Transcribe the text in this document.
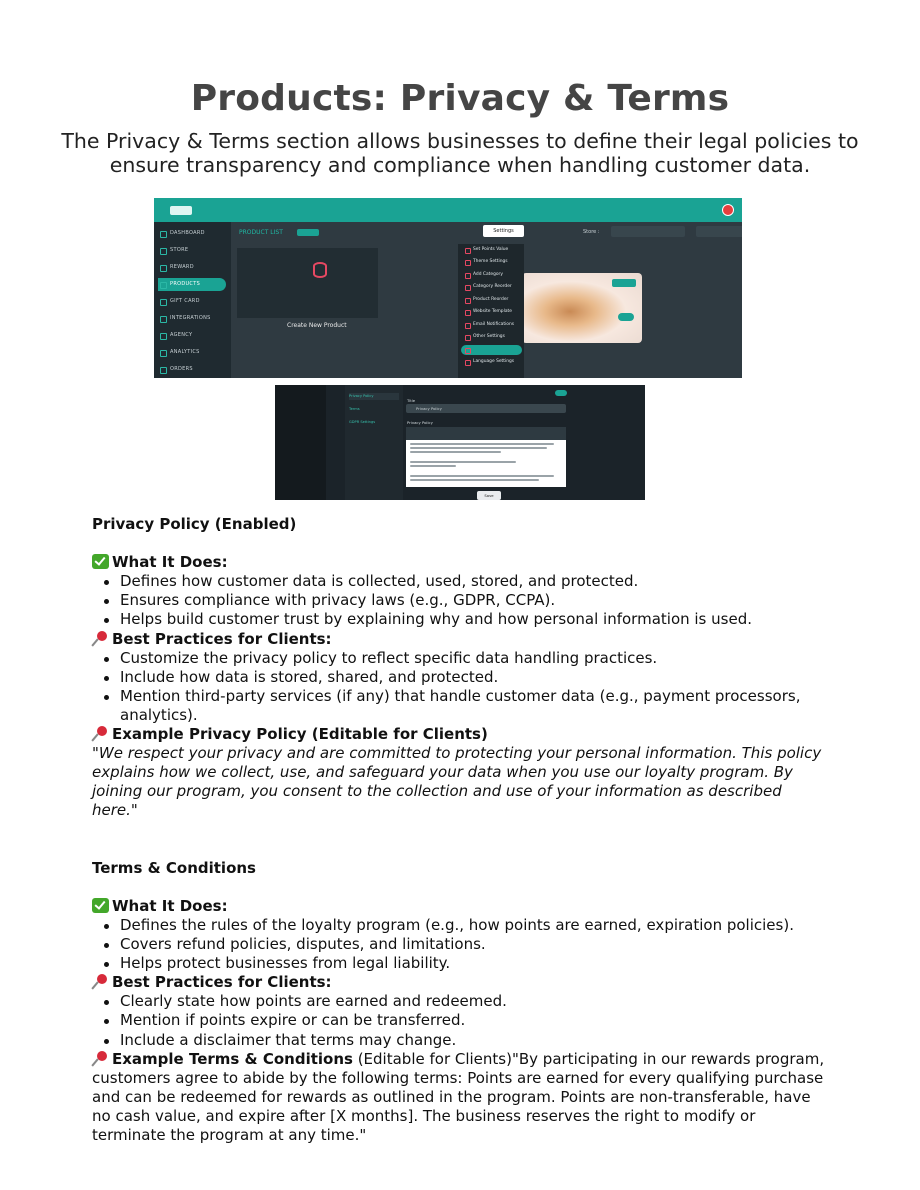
Products: Privacy & Terms

The Privacy & Terms section allows businesses to define their legal policies to ensure transparency and compliance when handling customer data.

DASHBOARD
STORE
REWARD
PRODUCTS
GIFT CARD
INTEGRATIONS
AGENCY
ANALYTICS
ORDERS
PRODUCT LIST
Create New Product
Settings	Store :
Set Points Value
Theme Settings
Add Category
Category Reorder
Product Reorder
Website Template
Email Notifications
Other Settings
Language Settings
Privacy Policy
Terms
GDPR Settings
Title
Privacy Policy
Privacy Policy
Save
Privacy Policy (Enabled)
What It Does:
Defines how customer data is collected, used, stored, and protected.
Ensures compliance with privacy laws (e.g., GDPR, CCPA).
Helps build customer trust by explaining why and how personal information is used.
Best Practices for Clients:
Customize the privacy policy to reflect specific data handling practices.
Include how data is stored, shared, and protected.
Mention third-party services (if any) that handle customer data (e.g., payment processors, analytics).
Example Privacy Policy (Editable for Clients)

"We respect your privacy and are committed to protecting your personal information. This policy explains how we collect, use, and safeguard your data when you use our loyalty program. By joining our program, you consent to the collection and use of your information as described here."

Terms & Conditions
What It Does:
Defines the rules of the loyalty program (e.g., how points are earned, expiration policies).
Covers refund policies, disputes, and limitations.
Helps protect businesses from legal liability.
Best Practices for Clients:
Clearly state how points are earned and redeemed.
Mention if points expire or can be transferred.
Include a disclaimer that terms may change.

Example Terms & Conditions (Editable for Clients)"By participating in our rewards program, customers agree to abide by the following terms: Points are earned for every qualifying purchase and can be redeemed for rewards as outlined in the program. Points are non-transferable, have no cash value, and expire after [X months]. The business reserves the right to modify or terminate the program at any time."
